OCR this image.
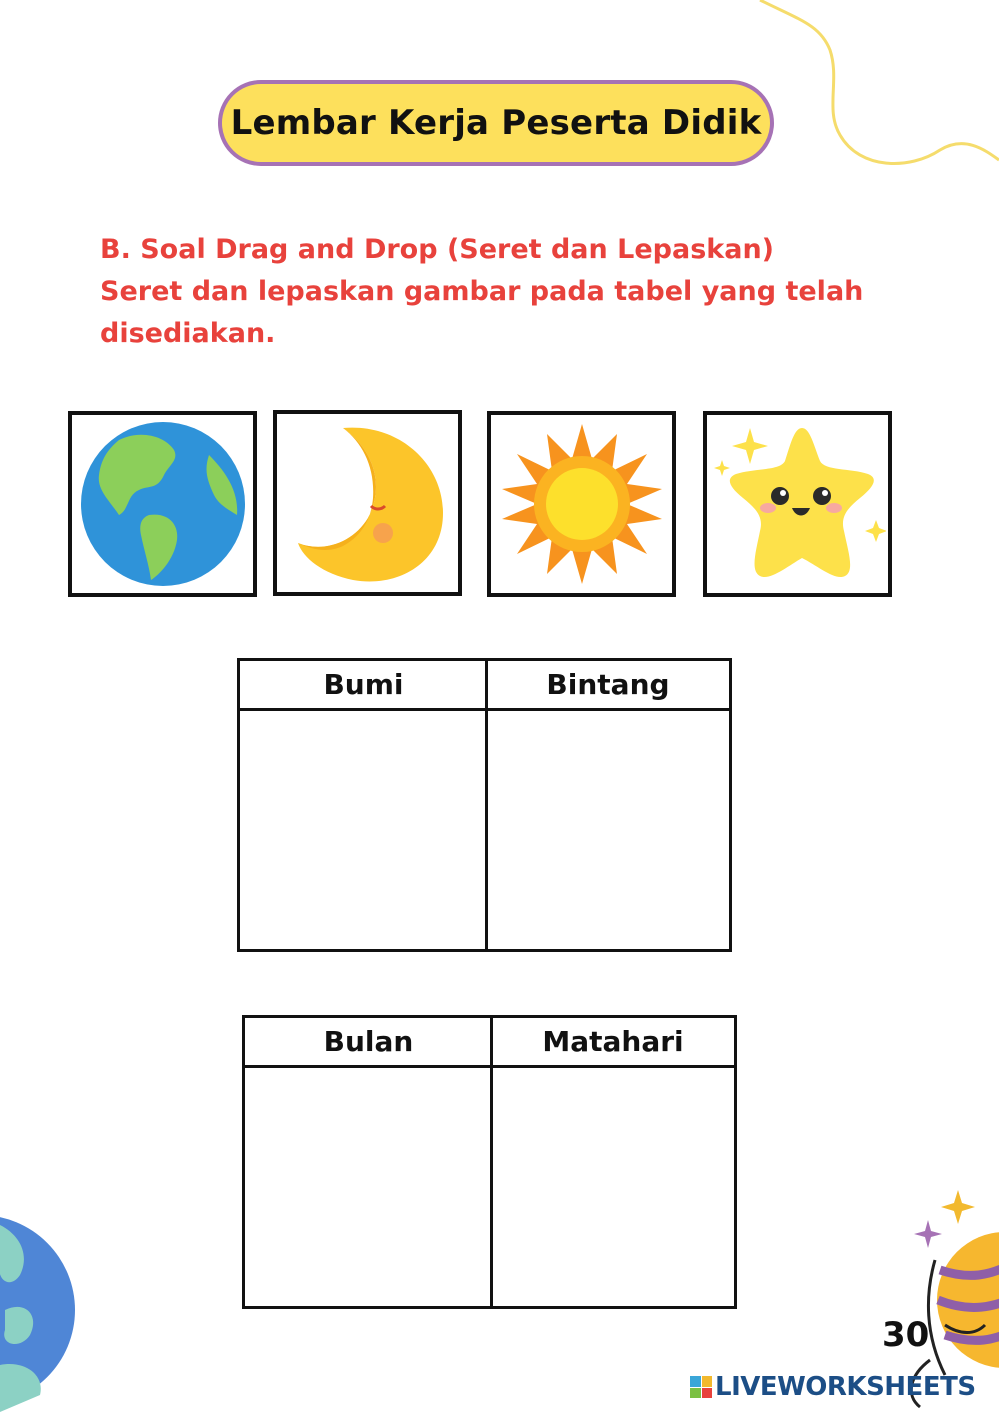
Lembar Kerja Peserta Didik
B. Soal Drag and Drop (Seret dan Lepaskan)
Seret dan lepaskan gambar pada tabel yang telah
disediakan.
Bumi	Bintang
Bulan	Matahari
30
LIVEWORKSHEETS
